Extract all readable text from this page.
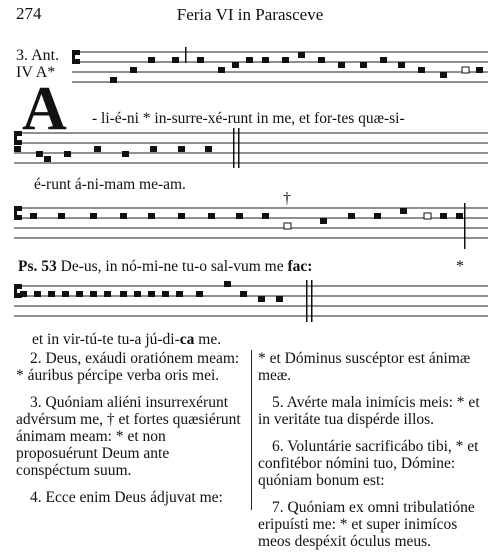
274	Feria VI in Parasceve
3. Ant.
IV A*
A - li-é-ni * in-surre-xé-runt in me, et for-tes quæ-si-
é-runt á-ni-mam me-am.
†
Ps. 53 De-us, in nó-mi-ne tu-o sal-vum me fac:	*
et in vir-tú-te tu-a jú-di-ca me.

2. Deus, exáudi oratiónem meam: * áuribus pércipe verba oris mei.

3. Quóniam aliéni insurrexérunt advérsum me, † et fortes quæsiérunt ánimam meam: * et non proposuérunt Deum ante conspéctum suum.

4. Ecce enim Deus ádjuvat me:

* et Dóminus suscéptor est ánimæ meæ.

5. Avérte mala inimícis meis: * et in veritáte tua dispérde illos.

6. Voluntárie sacrificábo tibi, * et confitébor nómini tuo, Dómine: quóniam bonum est:

7. Quóniam ex omni tribulatióne eripuísti me: * et super inimícos meos despéxit óculus meus.
